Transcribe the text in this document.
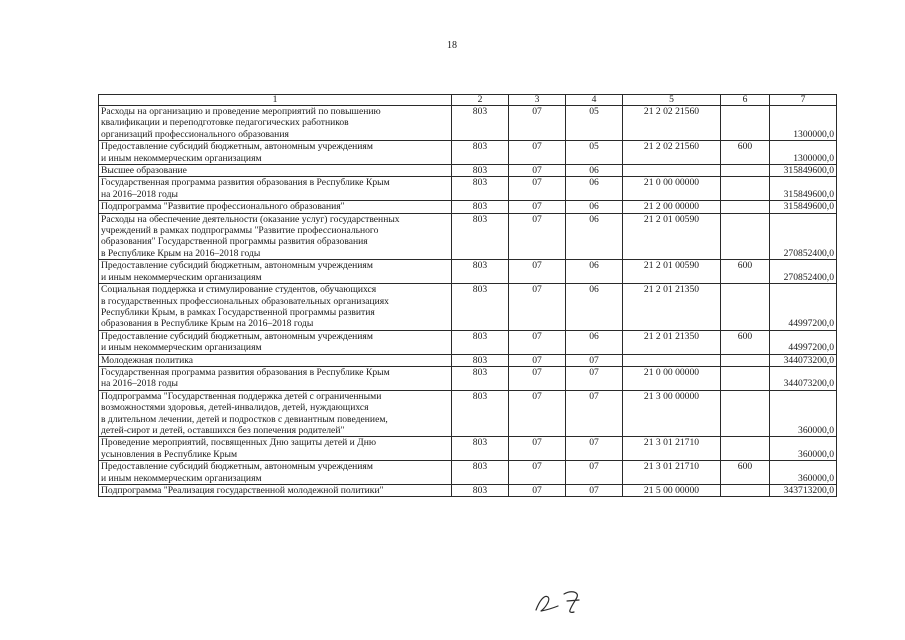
18
1	2	3	4	5	6	7
Расходы на организацию и проведение мероприятий по повышению
квалификации и переподготовке педагогических работников
организаций профессионального образования	803	07	05	21 2 02 21560		1300000,0
Предоставление субсидий бюджетным, автономным учреждениям
и иным некоммерческим организациям	803	07	05	21 2 02 21560	600	1300000,0
Высшее образование	803	07	06			315849600,0
Государственная программа развития образования в Республике Крым
на 2016–2018 годы	803	07	06	21 0 00 00000		315849600,0
Подпрограмма "Развитие профессионального образования"	803	07	06	21 2 00 00000		315849600,0
Расходы на обеспечение деятельности (оказание услуг) государственных
учреждений в рамках подпрограммы "Развитие профессионального
образования" Государственной программы развития образования
в Республике Крым на 2016–2018 годы	803	07	06	21 2 01 00590		270852400,0
Предоставление субсидий бюджетным, автономным учреждениям
и иным некоммерческим организациям	803	07	06	21 2 01 00590	600	270852400,0
Социальная поддержка и стимулирование студентов, обучающихся
в государственных профессиональных образовательных организациях
Республики Крым, в рамках Государственной программы развития
образования в Республике Крым на 2016–2018 годы	803	07	06	21 2 01 21350		44997200,0
Предоставление субсидий бюджетным, автономным учреждениям
и иным некоммерческим организациям	803	07	06	21 2 01 21350	600	44997200,0
Молодежная политика	803	07	07			344073200,0
Государственная программа развития образования в Республике Крым
на 2016–2018 годы	803	07	07	21 0 00 00000		344073200,0
Подпрограмма "Государственная поддержка детей с ограниченными
возможностями здоровья, детей-инвалидов, детей, нуждающихся
в длительном лечении, детей и подростков с девиантным поведением,
детей-сирот и детей, оставшихся без попечения родителей"	803	07	07	21 3 00 00000		360000,0
Проведение мероприятий, посвященных Дню защиты детей и Дню
усыновления в Республике Крым	803	07	07	21 3 01 21710		360000,0
Предоставление субсидий бюджетным, автономным учреждениям
и иным некоммерческим организациям	803	07	07	21 3 01 21710	600	360000,0
Подпрограмма "Реализация государственной молодежной политики"	803	07	07	21 5 00 00000		343713200,0
